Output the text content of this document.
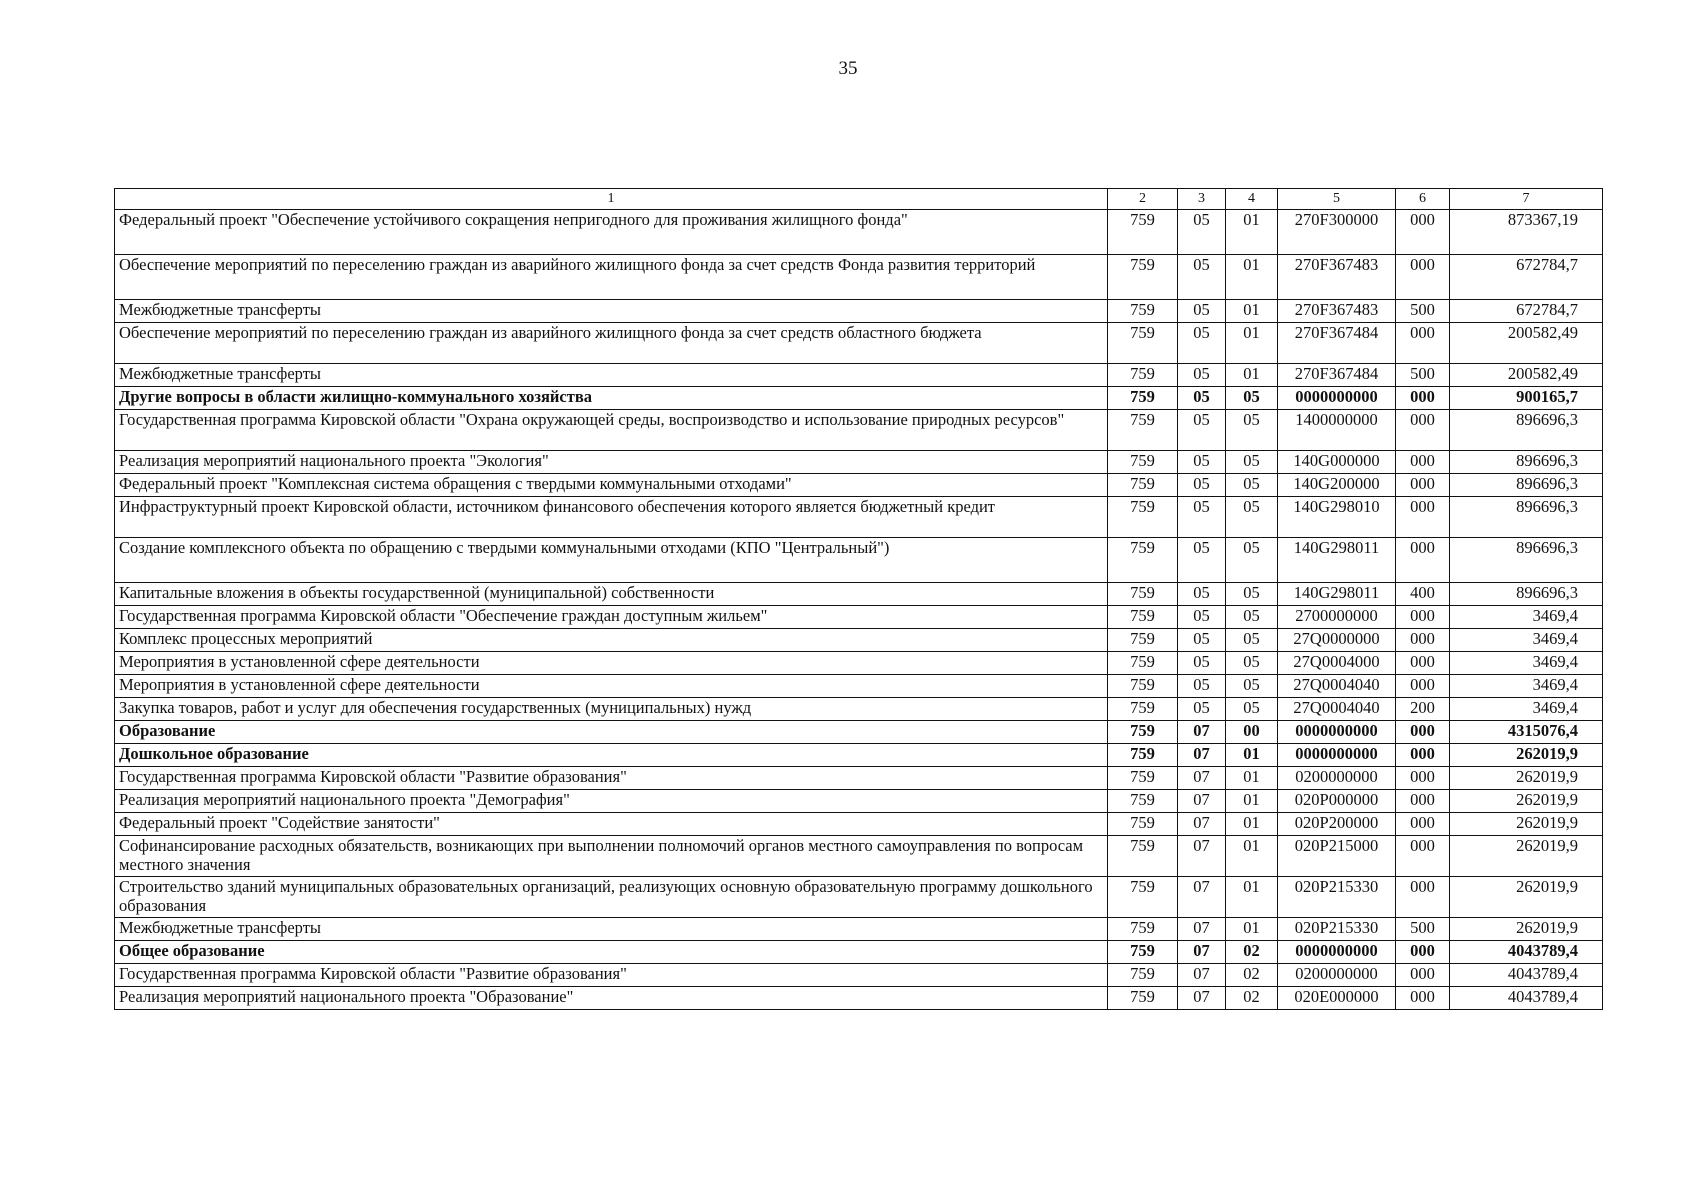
35
1	2	3	4	5	6	7
Федеральный проект "Обеспечение устойчивого сокращения непригодного для проживания жилищного фонда"	759	05	01	270F300000	000	873367,19
Обеспечение мероприятий по переселению граждан из аварийного жилищного фонда за счет средств Фонда развития территорий	759	05	01	270F367483	000	672784,7
Межбюджетные трансферты	759	05	01	270F367483	500	672784,7
Обеспечение мероприятий по переселению граждан из аварийного жилищного фонда за счет средств областного бюджета	759	05	01	270F367484	000	200582,49
Межбюджетные трансферты	759	05	01	270F367484	500	200582,49
Другие вопросы в области жилищно-коммунального хозяйства	759	05	05	0000000000	000	900165,7
Государственная программа Кировской области "Охрана окружающей среды, воспроизводство и использование природных ресурсов"	759	05	05	1400000000	000	896696,3
Реализация мероприятий национального проекта "Экология"	759	05	05	140G000000	000	896696,3
Федеральный проект "Комплексная система обращения с твердыми коммунальными отходами"	759	05	05	140G200000	000	896696,3
Инфраструктурный проект Кировской области, источником финансового обеспечения которого является бюджетный кредит	759	05	05	140G298010	000	896696,3
Создание комплексного объекта по обращению с твердыми коммунальными отходами (КПО "Центральный")	759	05	05	140G298011	000	896696,3
Капитальные вложения в объекты государственной (муниципальной) собственности	759	05	05	140G298011	400	896696,3
Государственная программа Кировской области "Обеспечение граждан доступным жильем"	759	05	05	2700000000	000	3469,4
Комплекс процессных мероприятий	759	05	05	27Q0000000	000	3469,4
Мероприятия в установленной сфере деятельности	759	05	05	27Q0004000	000	3469,4
Мероприятия в установленной сфере деятельности	759	05	05	27Q0004040	000	3469,4
Закупка товаров, работ и услуг для обеспечения государственных (муниципальных) нужд	759	05	05	27Q0004040	200	3469,4
Образование	759	07	00	0000000000	000	4315076,4
Дошкольное образование	759	07	01	0000000000	000	262019,9
Государственная программа Кировской области "Развитие образования"	759	07	01	0200000000	000	262019,9
Реализация мероприятий национального проекта "Демография"	759	07	01	020P000000	000	262019,9
Федеральный проект "Содействие занятости"	759	07	01	020P200000	000	262019,9
Софинансирование расходных обязательств, возникающих при выполнении полномочий органов местного самоуправления по вопросам местного значения	759	07	01	020P215000	000	262019,9
Строительство зданий муниципальных образовательных организаций, реализующих основную образовательную программу дошкольного образования	759	07	01	020P215330	000	262019,9
Межбюджетные трансферты	759	07	01	020P215330	500	262019,9
Общее образование	759	07	02	0000000000	000	4043789,4
Государственная программа Кировской области "Развитие образования"	759	07	02	0200000000	000	4043789,4
Реализация мероприятий национального проекта "Образование"	759	07	02	020E000000	000	4043789,4
